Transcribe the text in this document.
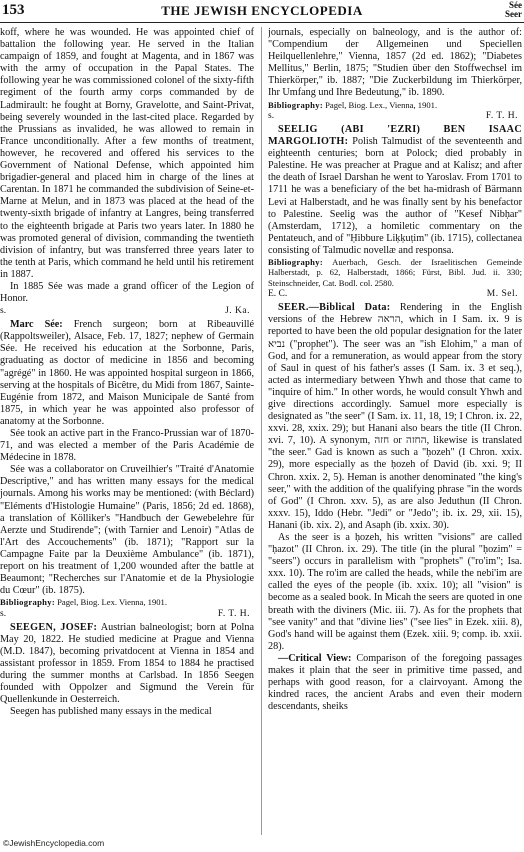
153	THE JEWISH ENCYCLOPEDIA	Sée
Seer

koff, where he was wounded. He was appointed chief of battalion the following year. He served in the Italian campaign of 1859, and fought at Magenta, and in 1867 was with the army of occupation in the Papal States. The following year he was commissioned colonel of the sixty-fifth regiment of the fourth army corps commanded by de Ladmirault: he fought at Borny, Gravelotte, and Saint-Privat, being severely wounded in the last-cited place. Regarded by the Prussians as invalided, he was allowed to remain in France unconditionally. After a few months of treatment, however, he recovered and offered his services to the Government of National Defense, which appointed him brigadier-general and placed him in charge of the lines at Carentan. In 1871 he commanded the subdivision of Seine-et-Marne at Melun, and in 1873 was placed at the head of the twenty-sixth brigade of infantry at Langres, being transferred to the eighteenth brigade at Paris two years later. In 1880 he was promoted general of division, commanding the twentieth division of infantry, but was transferred three years later to the tenth at Paris, which command he held until his retirement in 1887.

In 1885 Sée was made a grand officer of the Legion of Honor.

s.	J. Ka.

Marc Sée: French surgeon; born at Ribeauvillé (Rappoltsweiler), Alsace, Feb. 17, 1827; nephew of Germain Sée. He received his education at the Sorbonne, Paris, graduating as doctor of medicine in 1856 and becoming "agrégé" in 1860. He was appointed hospital surgeon in 1866, serving at the hospitals of Bicêtre, du Midi from 1867, Sainte-Eugénie from 1872, and Maison Municipale de Santé from 1875, in which year he was appointed also professor of anatomy at the Sorbonne.

Sée took an active part in the Franco-Prussian war of 1870-71, and was elected a member of the Paris Académie de Médecine in 1878.

Sée was a collaborator on Cruveilhier's "Traité d'Anatomie Descriptive," and has written many essays for the medical journals. Among his works may be mentioned: (with Béclard) "Eléments d'Histologie Humaine" (Paris, 1856; 2d ed. 1868), a translation of Kölliker's "Handbuch der Gewebelehre für Aerzte und Studirende"; (with Tarnier and Lenoir) "Atlas de l'Art des Accouchements" (ib. 1871); "Rapport sur la Campagne Faite par la Deuxième Ambulance" (ib. 1871), report on his treatment of 1,200 wounded after the battle at Beaumont; "Recherches sur l'Anatomie et de la Physiologie du Cœur" (ib. 1875).

Bibliography: Pagel, Biog. Lex. Vienna, 1901.

s.	F. T. H.

SEEGEN, JOSEF: Austrian balneologist; born at Polna May 20, 1822. He studied medicine at Prague and Vienna (M.D. 1847), becoming privatdocent at Vienna in 1854 and assistant professor in 1859. From 1854 to 1884 he practised during the summer months at Carlsbad. In 1856 Seegen founded with Oppolzer and Sigmund the Verein für Quellenkunde in Oesterreich.

Seegen has published many essays in the medical

journals, especially on balneology, and is the author of: "Compendium der Allgemeinen und Speciellen Heilquellenlehre," Vienna, 1857 (2d ed. 1862); "Diabetes Mellitus," Berlin, 1875; "Studien über den Stoffwechsel im Thierkörper," ib. 1887; "Die Zuckerbildung im Thierkörper, Ihr Umfang und Ihre Bedeutung," ib. 1890.

Bibliography: Pagel, Biog. Lex., Vienna, 1901.

s.	F. T. H.

SEELIG (ABI 'EZRI) BEN ISAAC MARGOLIOTH: Polish Talmudist of the seventeenth and eighteenth centuries; born at Polock; died probably in Palestine. He was preacher at Prague and at Kalisz; and after the death of Israel Darshan he went to Yaroslav. From 1701 to 1711 he was a beneficiary of the bet ha-midrash of Bärmann Levi at Halberstadt, and he was finally sent by his benefactor to Palestine. Seelig was the author of "Kesef Nibḥar" (Amsterdam, 1712), a homiletic commentary on the Pentateuch, and of "Ḥibbure Liḳḳuṭim" (ib. 1715), collectanea consisting of Talmudic novellæ and responsa.

Bibliography: Auerbach, Gesch. der Israelitischen Gemeinde Halberstadt, p. 62, Halberstadt, 1866; Fürst, Bibl. Jud. ii. 330; Steinschneider, Cat. Bodl. col. 2580.

E. C.	M. Sel.

SEER.—Biblical Data: Rendering in the English versions of the Hebrew הראה, which in I Sam. ix. 9 is reported to have been the old popular designation for the later נביא ("prophet"). The seer was an "ish Elohim," a man of God, and for a remuneration, as would appear from the story of Saul in quest of his father's asses (I Sam. ix. 3 et seq.), acted as intermediary between Yhwh and those that came to "inquire of him." In other words, he would consult Yhwh and give directions accordingly. Samuel more especially is designated as "the seer" (I Sam. ix. 11, 18, 19; I Chron. ix. 22, xxvi. 28, xxix. 29); but Hanani also bears the title (II Chron. xvi. 7, 10). A synonym, חזה or החזה, likewise is translated "the seer." Gad is known as such a "ḥozeh" (I Chron. xxix. 29), more especially as the ḥozeh of David (ib. xxi. 9; II Chron. xxix. 2, 5). Heman is another denominated "the king's seer," with the addition of the qualifying phrase "in the words of God" (I Chron. xxv. 5), as are also Jeduthun (II Chron. xxxv. 15), Iddo (Hebr. "Jedi" or "Jedo"; ib. ix. 29, xii. 15), Hanani (ib. xix. 2), and Asaph (ib. xxix. 30).

As the seer is a ḥozeh, his written "visions" are called "ḥazot" (II Chron. ix. 29). The title (in the plural "ḥozim" = "seers") occurs in parallelism with "prophets" ("ro'im"; Isa. xxx. 10). The ro'im are called the heads, while the nebi'im are called the eyes of the people (ib. xxix. 10); all "vision" is become as a sealed book. In Micah the seers are quoted in one breath with the diviners (Mic. iii. 7). As for the prophets that "see vanity" and that "divine lies" ("see lies" in Ezek. xiii. 8), God's hand will be against them (Ezek. xiii. 9; comp. ib. xxii. 28).

—Critical View: Comparison of the foregoing passages makes it plain that the seer in primitive time passed, and perhaps with good reason, for a clairvoyant. Among the kindred races, the ancient Arabs and even their modern descendants, sheiks

©JewishEncyclopedia.com
